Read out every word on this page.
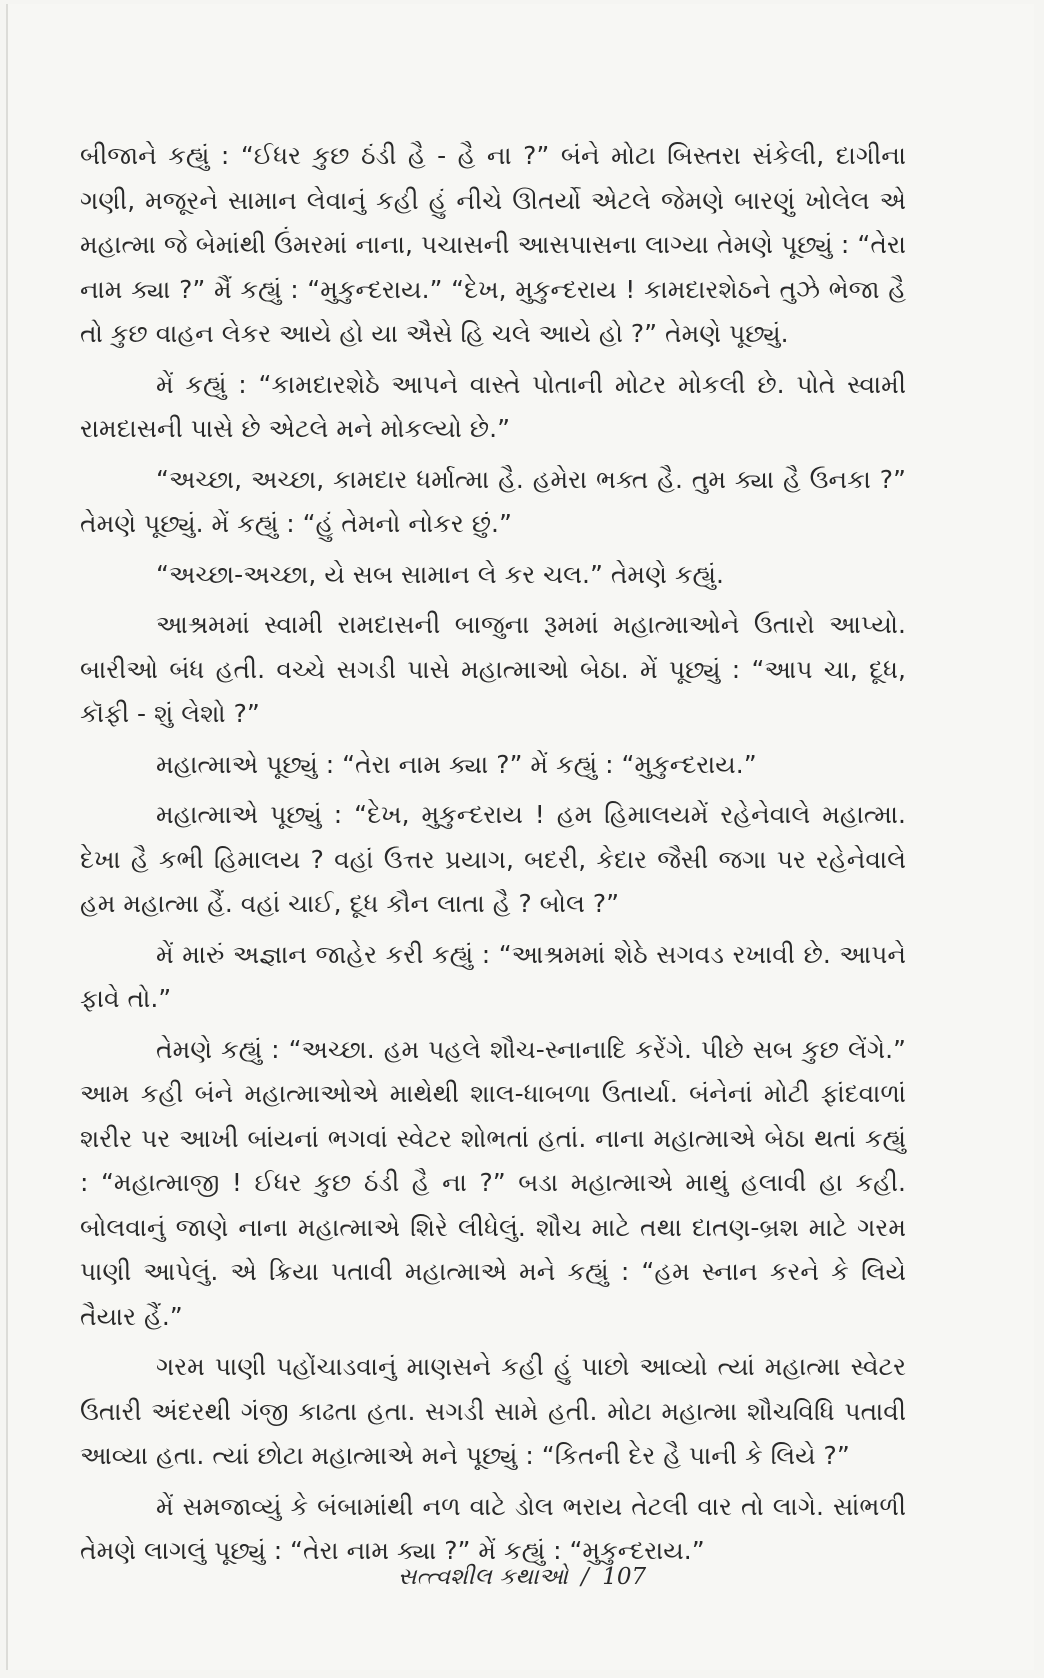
બીજાને કહ્યું : “ઈધર કુછ ઠંડી હૈ - હૈ ના ?” બંને મોટા બિસ્તરા સંકેલી, દાગીના ગણી, મજૂરને સામાન લેવાનું કહી હું નીચે ઊતર્યો એટલે જેમણે બારણું ખોલેલ એ મહાત્મા જે બેમાંથી ઉંમરમાં નાના, પચાસની આસપાસના લાગ્યા તેમણે પૂછ્યું : “તેરા નામ ક્યા ?” મૈં કહ્યું : “મુકુન્દરાય.” “દેખ, મુકુન્દરાય ! કામદારશેઠને તુઝે ભેજા હૈ તો કુછ વાહન લેકર આયે હો યા ઐસે હિ ચલે આયે હો ?” તેમણે પૂછ્યું.

મેં કહ્યું : “કામદારશેઠે આપને વાસ્તે પોતાની મોટર મોકલી છે. પોતે સ્વામી રામદાસની પાસે છે એટલે મને મોકલ્યો છે.”

“અચ્છા, અચ્છા, કામદાર ધર્માત્મા હૈ. હમેરા ભક્ત હૈ. તુમ ક્યા હૈ ઉનકા ?” તેમણે પૂછ્યું. મેં કહ્યું : “હું તેમનો નોકર છું.”

“અચ્છા-અચ્છા, યે સબ સામાન લે કર ચલ.” તેમણે કહ્યું.

આશ્રમમાં સ્વામી રામદાસની બાજુના રૂમમાં મહાત્માઓને ઉતારો આપ્યો. બારીઓ બંધ હતી. વચ્ચે સગડી પાસે મહાત્માઓ બેઠા. મેં પૂછ્યું : “આપ ચા, દૂધ, કૉફી - શું લેશો ?”

મહાત્માએ પૂછ્યું : “તેરા નામ ક્યા ?” મેં કહ્યું : “મુકુન્દરાય.”

મહાત્માએ પૂછ્યું : “દેખ, મુકુન્દરાય ! હમ હિમાલયમેં રહેનેવાલે મહાત્મા. દેખા હૈ કભી હિમાલય ? વહાં ઉત્તર પ્રયાગ, બદરી, કેદાર જૈસી જગા પર રહેનેવાલે હમ મહાત્મા હૈં. વહાં ચાઈ, દૂધ કૌન લાતા હૈ ? બોલ ?”

મેં મારું અજ્ઞાન જાહેર કરી કહ્યું : “આશ્રમમાં શેઠે સગવડ રખાવી છે. આપને ફાવે તો.”

તેમણે કહ્યું : “અચ્છા. હમ પહલે શૌચ-સ્નાનાદિ કરેંગે. પીછે સબ કુછ લેંગે.” આમ કહી બંને મહાત્માઓએ માથેથી શાલ-ધાબળા ઉતાર્યા. બંનેનાં મોટી ફાંદવાળાં શરીર પર આખી બાંયનાં ભગવાં સ્વેટર શોભતાં હતાં. નાના મહાત્માએ બેઠા થતાં કહ્યું : “મહાત્માજી ! ઈધર કુછ ઠંડી હૈ ના ?” બડા મહાત્માએ માથું હલાવી હા કહી. બોલવાનું જાણે નાના મહાત્માએ શિરે લીધેલું. શૌચ માટે તથા દાતણ-બ્રશ માટે ગરમ પાણી આપેલું. એ ક્રિયા પતાવી મહાત્માએ મને કહ્યું : “હમ સ્નાન કરને કે લિયે તૈયાર હૈં.”

ગરમ પાણી પહોંચાડવાનું માણસને કહી હું પાછો આવ્યો ત્યાં મહાત્મા સ્વેટર ઉતારી અંદરથી ગંજી કાઢતા હતા. સગડી સામે હતી. મોટા મહાત્મા શૌચવિધિ પતાવી આવ્યા હતા. ત્યાં છોટા મહાત્માએ મને પૂછ્યું : “કિતની દેર હૈ પાની કે લિયે ?”

મેં સમજાવ્યું કે બંબામાંથી નળ વાટે ડોલ ભરાય તેટલી વાર તો લાગે. સાંભળી તેમણે લાગલું પૂછ્યું : “તેરા નામ ક્યા ?” મેં કહ્યું : “મુકુન્દરાય.”

સત્ત્વશીલ કથાઓ / 107
